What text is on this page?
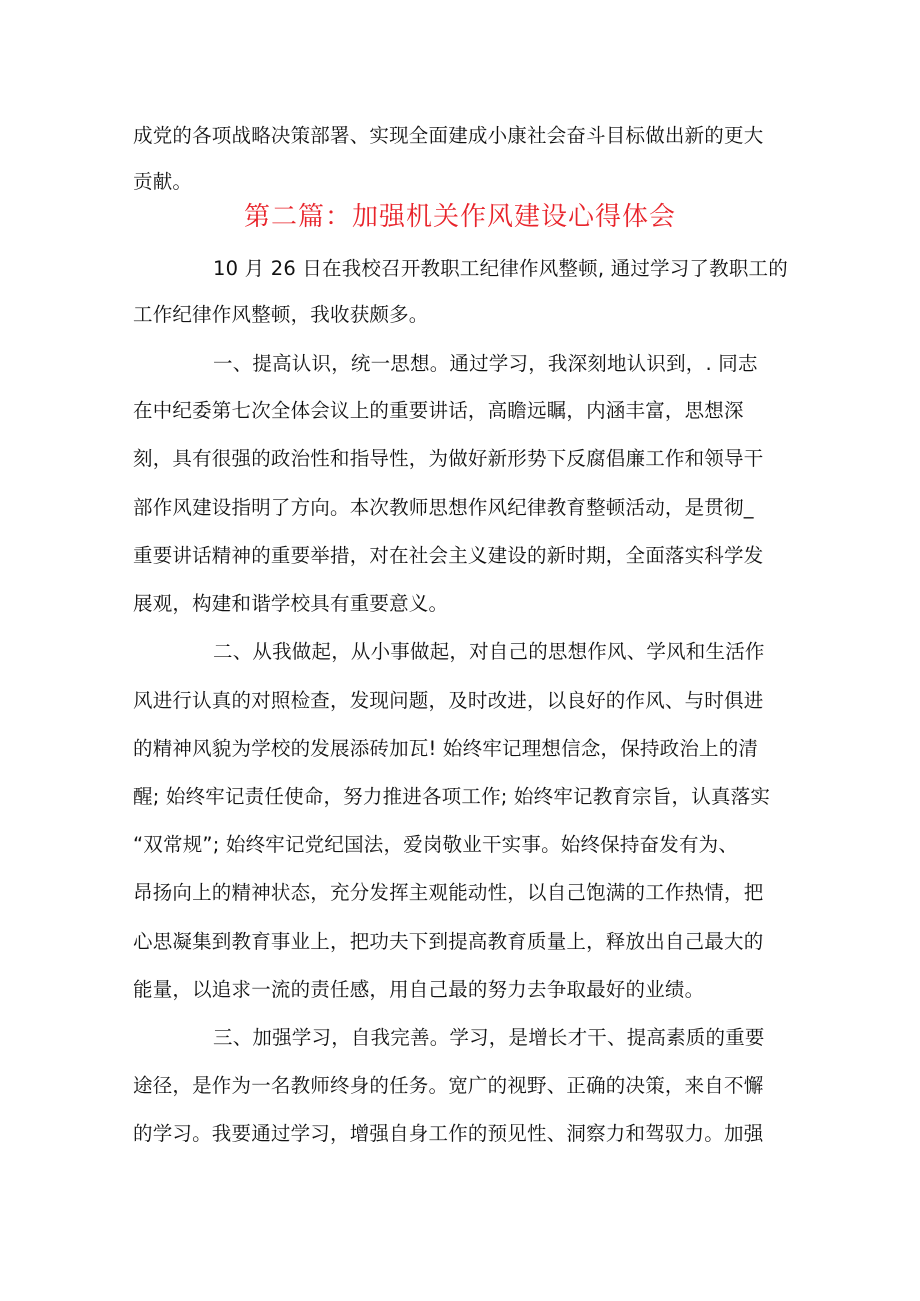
成党的各项战略决策部署、实现全面建成小康社会奋斗目标做出新的更大
贡献。
第二篇：加强机关作风建设心得体会
10 月 26 日在我校召开教职工纪律作风整顿, 通过学习了教职工的
工作纪律作风整顿，我收获颇多。
一、提高认识，统一思想。通过学习，我深刻地认识到，. 同志
在中纪委第七次全体会议上的重要讲话，高瞻远瞩，内涵丰富，思想深
刻，具有很强的政治性和指导性，为做好新形势下反腐倡廉工作和领导干
部作风建设指明了方向。本次教师思想作风纪律教育整顿活动，是贯彻_
重要讲话精神的重要举措，对在社会主义建设的新时期，全面落实科学发
展观，构建和谐学校具有重要意义。
二、从我做起，从小事做起，对自己的思想作风、学风和生活作
风进行认真的对照检查，发现问题，及时改进，以良好的作风、与时俱进
的精神风貌为学校的发展添砖加瓦! 始终牢记理想信念，保持政治上的清
醒; 始终牢记责任使命，努力推进各项工作; 始终牢记教育宗旨，认真落实
“双常规”; 始终牢记党纪国法，爱岗敬业干实事。始终保持奋发有为、
昂扬向上的精神状态，充分发挥主观能动性，以自己饱满的工作热情，把
心思凝集到教育事业上，把功夫下到提高教育质量上，释放出自己最大的
能量，以追求一流的责任感，用自己最的努力去争取最好的业绩。
三、加强学习，自我完善。学习，是增长才干、提高素质的重要
途径，是作为一名教师终身的任务。宽广的视野、正确的决策，来自不懈
的学习。我要通过学习，增强自身工作的预见性、洞察力和驾驭力。加强
